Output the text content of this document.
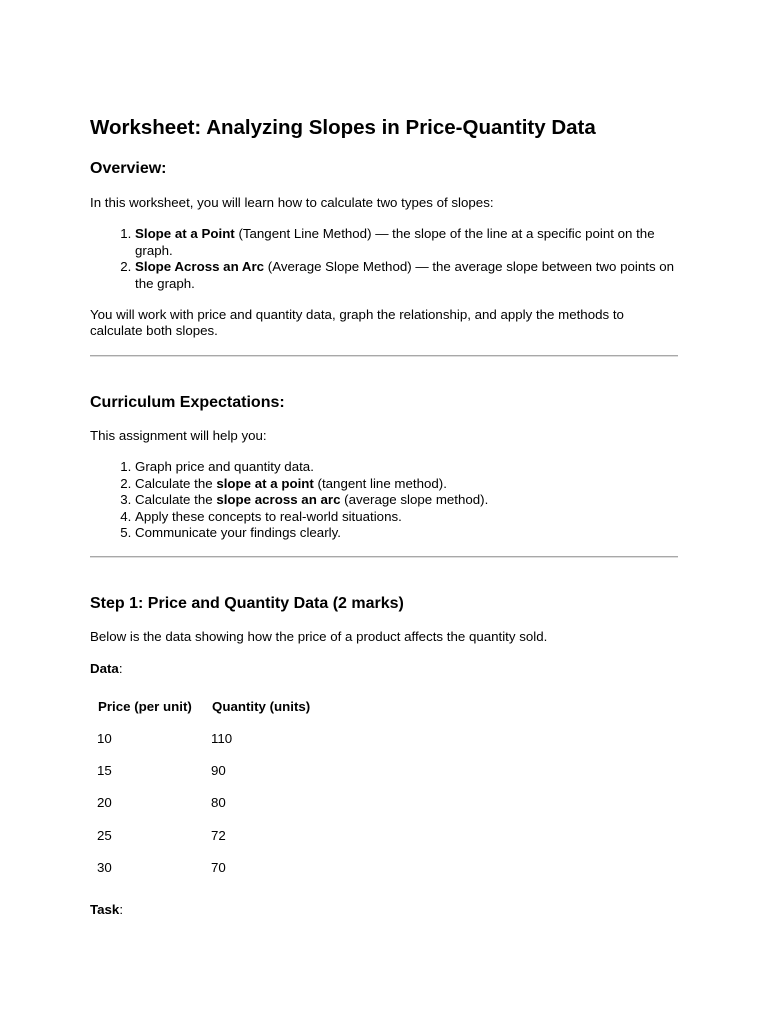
Worksheet: Analyzing Slopes in Price-Quantity Data
Overview:

In this worksheet, you will learn how to calculate two types of slopes:

1. Slope at a Point (Tangent Line Method) — the slope of the line at a specific point on the graph.
2. Slope Across an Arc (Average Slope Method) — the average slope between two points on the graph.

You will work with price and quantity data, graph the relationship, and apply the methods to calculate both slopes.

Curriculum Expectations:

This assignment will help you:

1. Graph price and quantity data.
2. Calculate the slope at a point (tangent line method).
3. Calculate the slope across an arc (average slope method).
4. Apply these concepts to real-world situations.
5. Communicate your findings clearly.
Step 1: Price and Quantity Data (2 marks)

Below is the data showing how the price of a product affects the quantity sold.

Data:

Price (per unit)	Quantity (units)
10	110
15	90
20	80
25	72
30	70

Task:
